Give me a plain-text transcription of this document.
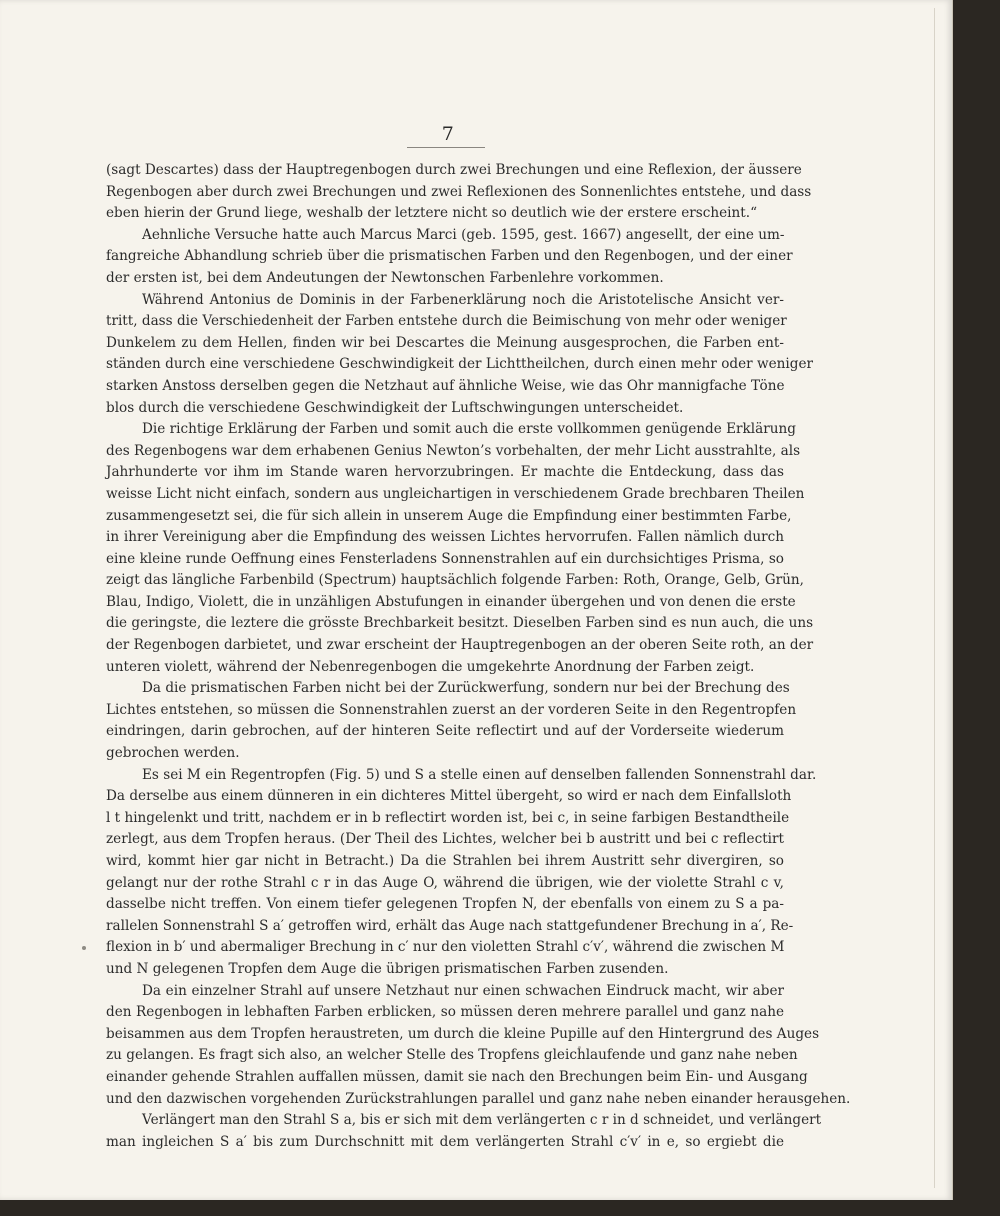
7
(sagt Descartes) dass der Hauptregenbogen durch zwei Brechungen und eine Reflexion, der äussere
Regenbogen aber durch zwei Brechungen und zwei Reflexionen des Sonnenlichtes entstehe, und dass
eben hierin der Grund liege, weshalb der letztere nicht so deutlich wie der erstere erscheint.“
Aehnliche Versuche hatte auch Marcus Marci (geb. 1595, gest. 1667) angesellt, der eine um-
fangreiche Abhandlung schrieb über die prismatischen Farben und den Regenbogen, und der einer
der ersten ist, bei dem Andeutungen der Newtonschen Farbenlehre vorkommen.
Während Antonius de Dominis in der Farbenerklärung noch die Aristotelische Ansicht ver-
tritt, dass die Verschiedenheit der Farben entstehe durch die Beimischung von mehr oder weniger
Dunkelem zu dem Hellen, finden wir bei Descartes die Meinung ausgesprochen, die Farben ent-
ständen durch eine verschiedene Geschwindigkeit der Lichttheilchen, durch einen mehr oder weniger
starken Anstoss derselben gegen die Netzhaut auf ähnliche Weise, wie das Ohr mannigfache Töne
blos durch die verschiedene Geschwindigkeit der Luftschwingungen unterscheidet.
Die richtige Erklärung der Farben und somit auch die erste vollkommen genügende Erklärung
des Regenbogens war dem erhabenen Genius Newton’s vorbehalten, der mehr Licht ausstrahlte, als
Jahrhunderte vor ihm im Stande waren hervorzubringen. Er machte die Entdeckung, dass das
weisse Licht nicht einfach, sondern aus ungleichartigen in verschiedenem Grade brechbaren Theilen
zusammengesetzt sei, die für sich allein in unserem Auge die Empfindung einer bestimmten Farbe,
in ihrer Vereinigung aber die Empfindung des weissen Lichtes hervorrufen. Fallen nämlich durch
eine kleine runde Oeffnung eines Fensterladens Sonnenstrahlen auf ein durchsichtiges Prisma, so
zeigt das längliche Farbenbild (Spectrum) hauptsächlich folgende Farben: Roth, Orange, Gelb, Grün,
Blau, Indigo, Violett, die in unzähligen Abstufungen in einander übergehen und von denen die erste
die geringste, die leztere die grösste Brechbarkeit besitzt. Dieselben Farben sind es nun auch, die uns
der Regenbogen darbietet, und zwar erscheint der Hauptregenbogen an der oberen Seite roth, an der
unteren violett, während der Nebenregenbogen die umgekehrte Anordnung der Farben zeigt.
Da die prismatischen Farben nicht bei der Zurückwerfung, sondern nur bei der Brechung des
Lichtes entstehen, so müssen die Sonnenstrahlen zuerst an der vorderen Seite in den Regentropfen
eindringen, darin gebrochen, auf der hinteren Seite reflectirt und auf der Vorderseite wiederum
gebrochen werden.
Es sei M ein Regentropfen (Fig. 5) und S a stelle einen auf denselben fallenden Sonnenstrahl dar.
Da derselbe aus einem dünneren in ein dichteres Mittel übergeht, so wird er nach dem Einfallsloth
l t hingelenkt und tritt, nachdem er in b reflectirt worden ist, bei c, in seine farbigen Bestandtheile
zerlegt, aus dem Tropfen heraus. (Der Theil des Lichtes, welcher bei b austritt und bei c reflectirt
wird, kommt hier gar nicht in Betracht.) Da die Strahlen bei ihrem Austritt sehr divergiren, so
gelangt nur der rothe Strahl c r in das Auge O, während die übrigen, wie der violette Strahl c v,
dasselbe nicht treffen. Von einem tiefer gelegenen Tropfen N, der ebenfalls von einem zu S a pa-
rallelen Sonnenstrahl S a′ getroffen wird, erhält das Auge nach stattgefundener Brechung in a′, Re-
flexion in b′ und abermaliger Brechung in c′ nur den violetten Strahl c′v′, während die zwischen M
und N gelegenen Tropfen dem Auge die übrigen prismatischen Farben zusenden.
Da ein einzelner Strahl auf unsere Netzhaut nur einen schwachen Eindruck macht, wir aber
den Regenbogen in lebhaften Farben erblicken, so müssen deren mehrere parallel und ganz nahe
beisammen aus dem Tropfen heraustreten, um durch die kleine Pupille auf den Hintergrund des Auges
zu gelangen. Es fragt sich also, an welcher Stelle des Tropfens gleichlaufende und ganz nahe neben
einander gehende Strahlen auffallen müssen, damit sie nach den Brechungen beim Ein- und Ausgang
und den dazwischen vorgehenden Zurückstrahlungen parallel und ganz nahe neben einander herausgehen.
Verlängert man den Strahl S a, bis er sich mit dem verlängerten c r in d schneidet, und verlängert
man ingleichen S a′ bis zum Durchschnitt mit dem verlängerten Strahl c′v′ in e, so ergiebt die
